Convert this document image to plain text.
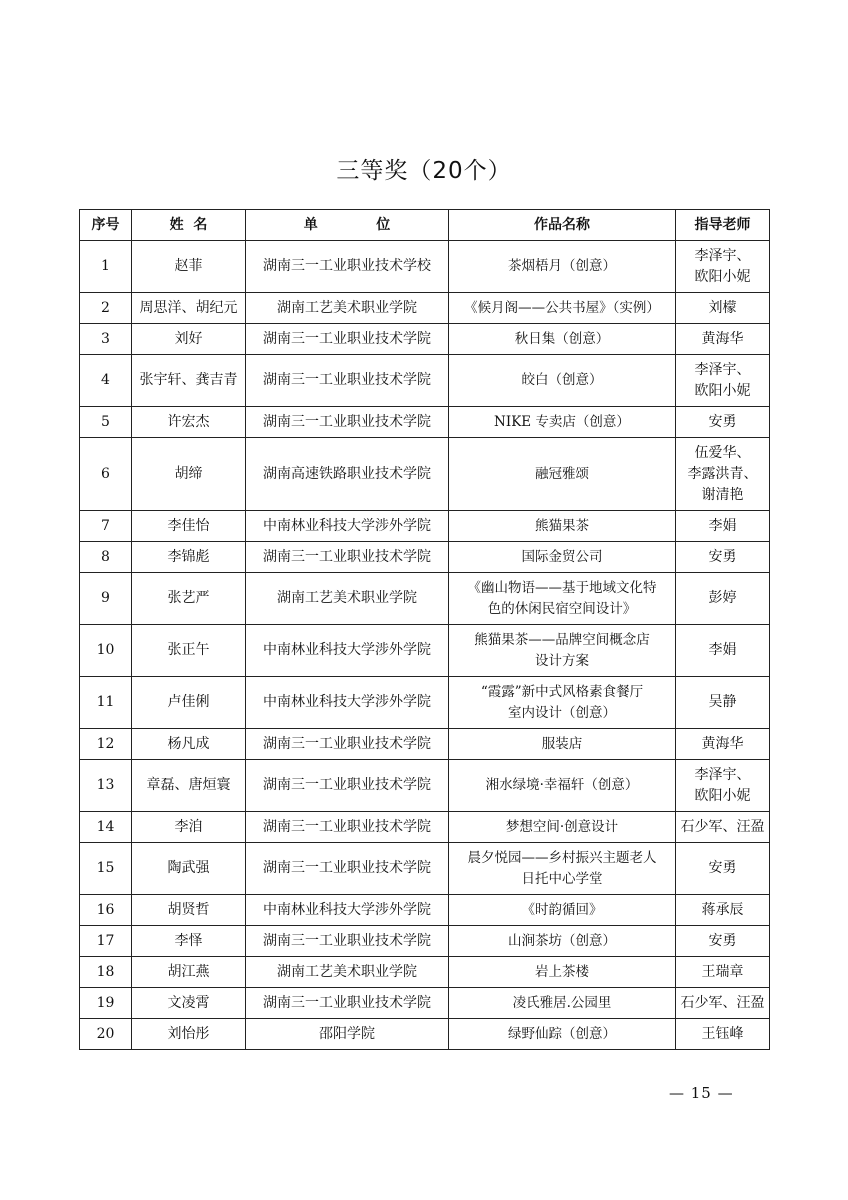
三等奖（20个）
序号	姓  名	单            位	作品名称	指导老师

1	赵菲	湖南三一工业职业技术学校	茶烟梧月（创意）	李泽宇、
欧阳小妮

2	周思洋、胡纪元	湖南工艺美术职业学院	《候月阁——公共书屋》（实例）	刘檬

3	刘好	湖南三一工业职业技术学院	秋日集（创意）	黄海华

4	张宇轩、龚吉青	湖南三一工业职业技术学院	皎白（创意）	李泽宇、
欧阳小妮

5	许宏杰	湖南三一工业职业技术学院	NIKE 专卖店（创意）	安勇

6	胡缔	湖南高速铁路职业技术学院	融冠雅颂	伍爱华、
李露洪青、
谢清艳

7	李佳怡	中南林业科技大学涉外学院	熊猫果茶	李娟

8	李锦彪	湖南三一工业职业技术学院	国际金贸公司	安勇

9	张艺严	湖南工艺美术职业学院	《幽山物语——基于地域文化特
色的休闲民宿空间设计》	彭婷

10	张正午	中南林业科技大学涉外学院	熊猫果茶——品牌空间概念店
设计方案	李娟

11	卢佳俐	中南林业科技大学涉外学院	“霞露”新中式风格素食餐厅
室内设计（创意）	吴静

12	杨凡成	湖南三一工业职业技术学院	服装店	黄海华

13	章磊、唐烜寰	湖南三一工业职业技术学院	湘水绿境·幸福轩（创意）	李泽宇、
欧阳小妮

14	李洎	湖南三一工业职业技术学院	梦想空间·创意设计	石少军、汪盈

15	陶武强	湖南三一工业职业技术学院	晨夕悦园——乡村振兴主题老人
日托中心学堂	安勇

16	胡贤哲	中南林业科技大学涉外学院	《时韵循回》	蒋承辰

17	李怿	湖南三一工业职业技术学院	山涧茶坊（创意）	安勇

18	胡江燕	湖南工艺美术职业学院	岩上茶楼	王瑞章

19	文凌霄	湖南三一工业职业技术学院	凌氏雅居.公园里	石少军、汪盈

20	刘怡彤	邵阳学院	绿野仙踪（创意）	王钰峰
— 15 —
